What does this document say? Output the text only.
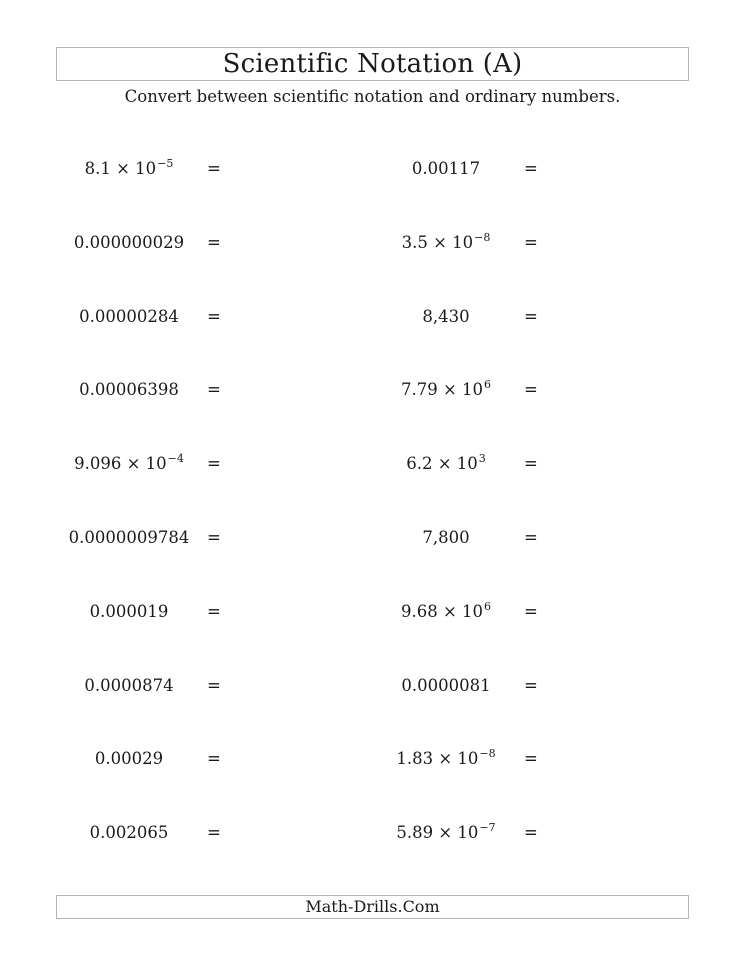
Scientific Notation (A)
Convert between scientific notation and ordinary numbers.
$8.1 \times 10^{-5}$	=	0.00117	=
0.000000029	=	$3.5 \times 10^{-8}$	=
0.00000284	=	8,430	=
0.00006398	=	$7.79 \times 10^6$	=
$9.096 \times 10^{-4}$	=	$6.2 \times 10^3$	=
0.0000009784	=	7,800	=
0.000019	=	$9.68 \times 10^6$	=
0.0000874	=	0.0000081	=
0.00029	=	$1.83 \times 10^{-8}$	=
0.002065	=	$5.89 \times 10^{-7}$	=
Math-Drills.Com
